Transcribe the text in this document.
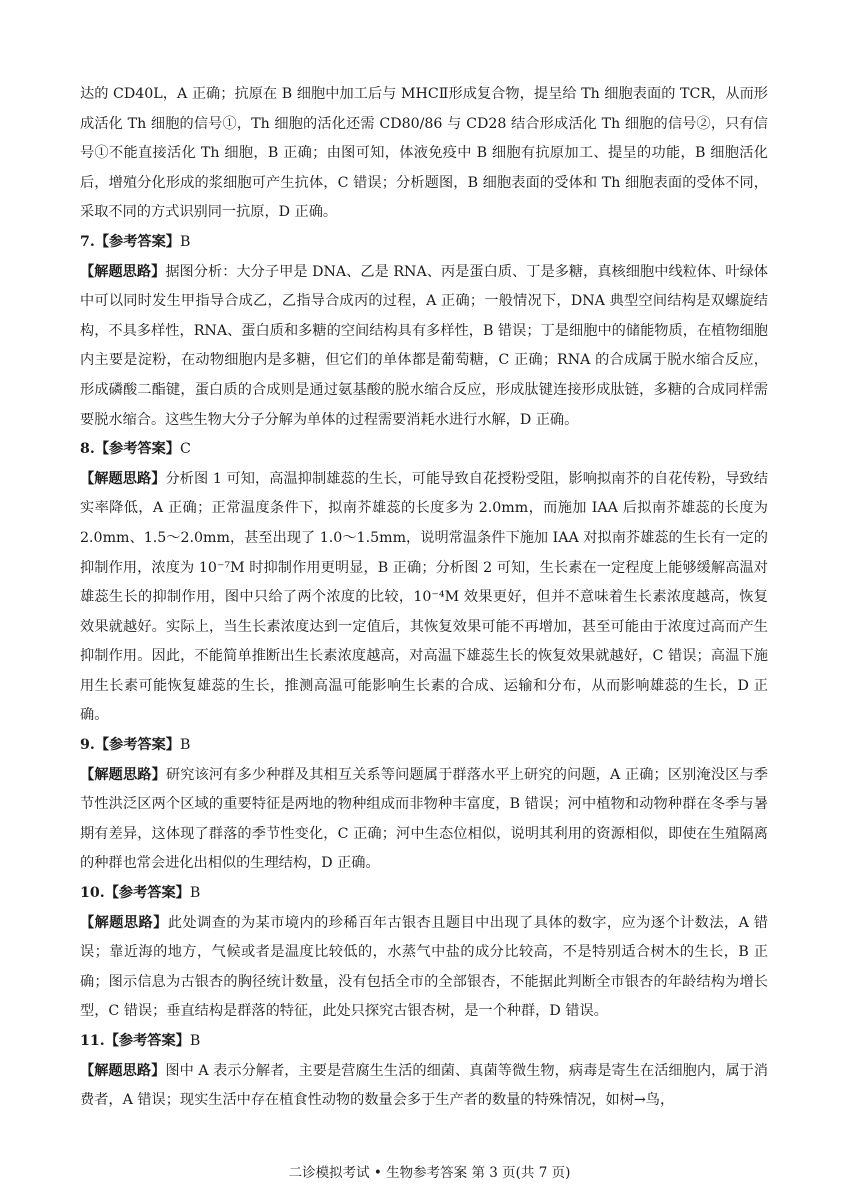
达的 CD40L，A 正确；抗原在 B 细胞中加工后与 MHCⅡ形成复合物，提呈给 Th 细胞表面的 TCR，从而形成活化 Th 细胞的信号①，Th 细胞的活化还需 CD80/86 与 CD28 结合形成活化 Th 细胞的信号②，只有信号①不能直接活化 Th 细胞，B 正确；由图可知，体液免疫中 B 细胞有抗原加工、提呈的功能，B 细胞活化后，增殖分化形成的浆细胞可产生抗体，C 错误；分析题图，B 细胞表面的受体和 Th 细胞表面的受体不同，采取不同的方式识别同一抗原，D 正确。

7.【参考答案】B

【解题思路】据图分析：大分子甲是 DNA、乙是 RNA、丙是蛋白质、丁是多糖，真核细胞中线粒体、叶绿体中可以同时发生甲指导合成乙，乙指导合成丙的过程，A 正确；一般情况下，DNA 典型空间结构是双螺旋结构，不具多样性，RNA、蛋白质和多糖的空间结构具有多样性，B 错误；丁是细胞中的储能物质，在植物细胞内主要是淀粉，在动物细胞内是多糖，但它们的单体都是葡萄糖，C 正确；RNA 的合成属于脱水缩合反应，形成磷酸二酯键，蛋白质的合成则是通过氨基酸的脱水缩合反应，形成肽键连接形成肽链，多糖的合成同样需要脱水缩合。这些生物大分子分解为单体的过程需要消耗水进行水解，D 正确。

8.【参考答案】C

【解题思路】分析图 1 可知，高温抑制雄蕊的生长，可能导致自花授粉受阻，影响拟南芥的自花传粉，导致结实率降低，A 正确；正常温度条件下，拟南芥雄蕊的长度多为 2.0mm，而施加 IAA 后拟南芥雄蕊的长度为 2.0mm、1.5～2.0mm，甚至出现了 1.0～1.5mm，说明常温条件下施加 IAA 对拟南芥雄蕊的生长有一定的抑制作用，浓度为 10⁻⁷M 时抑制作用更明显，B 正确；分析图 2 可知，生长素在一定程度上能够缓解高温对雄蕊生长的抑制作用，图中只给了两个浓度的比较，10⁻⁴M 效果更好，但并不意味着生长素浓度越高，恢复效果就越好。实际上，当生长素浓度达到一定值后，其恢复效果可能不再增加，甚至可能由于浓度过高而产生抑制作用。因此，不能简单推断出生长素浓度越高，对高温下雄蕊生长的恢复效果就越好，C 错误；高温下施用生长素可能恢复雄蕊的生长，推测高温可能影响生长素的合成、运输和分布，从而影响雄蕊的生长，D 正确。

9.【参考答案】B

【解题思路】研究该河有多少种群及其相互关系等问题属于群落水平上研究的问题，A 正确；区别淹没区与季节性洪泛区两个区域的重要特征是两地的物种组成而非物种丰富度，B 错误；河中植物和动物种群在冬季与暑期有差异，这体现了群落的季节性变化，C 正确；河中生态位相似，说明其利用的资源相似，即使在生殖隔离的种群也常会进化出相似的生理结构，D 正确。

10.【参考答案】B

【解题思路】此处调查的为某市境内的珍稀百年古银杏且题目中出现了具体的数字，应为逐个计数法，A 错误；靠近海的地方，气候或者是温度比较低的，水蒸气中盐的成分比较高，不是特别适合树木的生长，B 正确；图示信息为古银杏的胸径统计数量，没有包括全市的全部银杏，不能据此判断全市银杏的年龄结构为增长型，C 错误；垂直结构是群落的特征，此处只探究古银杏树，是一个种群，D 错误。

11.【参考答案】B

【解题思路】图中 A 表示分解者，主要是营腐生生活的细菌、真菌等微生物，病毒是寄生在活细胞内，属于消费者，A 错误；现实生活中存在植食性动物的数量会多于生产者的数量的特殊情况，如树→鸟，

二诊模拟考试 • 生物参考答案 第 3 页(共 7 页)
